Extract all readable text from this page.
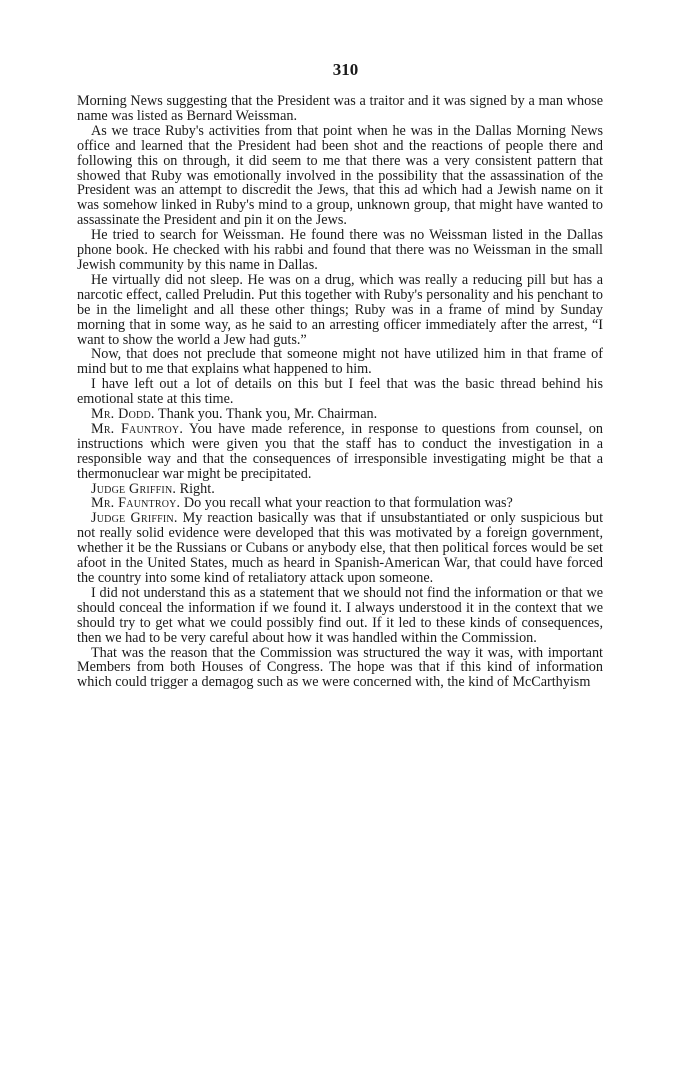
310

Morning News suggesting that the President was a traitor and it was signed by a man whose name was listed as Bernard Weissman.

As we trace Ruby's activities from that point when he was in the Dallas Morning News office and learned that the President had been shot and the reactions of people there and following this on through, it did seem to me that there was a very consistent pattern that showed that Ruby was emotionally involved in the possibility that the assassination of the President was an attempt to discredit the Jews, that this ad which had a Jewish name on it was somehow linked in Ruby's mind to a group, unknown group, that might have wanted to assassinate the President and pin it on the Jews.

He tried to search for Weissman. He found there was no Weissman listed in the Dallas phone book. He checked with his rabbi and found that there was no Weissman in the small Jewish community by this name in Dallas.

He virtually did not sleep. He was on a drug, which was really a reducing pill but has a narcotic effect, called Preludin. Put this together with Ruby's personality and his penchant to be in the limelight and all these other things; Ruby was in a frame of mind by Sunday morning that in some way, as he said to an arresting officer immediately after the arrest, “I want to show the world a Jew had guts.”

Now, that does not preclude that someone might not have utilized him in that frame of mind but to me that explains what happened to him.

I have left out a lot of details on this but I feel that was the basic thread behind his emotional state at this time.

Mr. Dodd. Thank you. Thank you, Mr. Chairman.

Mr. Fauntroy. You have made reference, in response to questions from counsel, on instructions which were given you that the staff has to conduct the investigation in a responsible way and that the consequences of irresponsible investigating might be that a thermonuclear war might be precipitated.

Judge Griffin. Right.

Mr. Fauntroy. Do you recall what your reaction to that formulation was?

Judge Griffin. My reaction basically was that if unsubstantiated or only suspicious but not really solid evidence were developed that this was motivated by a foreign government, whether it be the Russians or Cubans or anybody else, that then political forces would be set afoot in the United States, much as heard in Spanish-American War, that could have forced the country into some kind of retaliatory attack upon someone.

I did not understand this as a statement that we should not find the information or that we should conceal the information if we found it. I always understood it in the context that we should try to get what we could possibly find out. If it led to these kinds of consequences, then we had to be very careful about how it was handled within the Commission.

That was the reason that the Commission was structured the way it was, with important Members from both Houses of Congress. The hope was that if this kind of information which could trigger a demagog such as we were concerned with, the kind of McCarthyism
